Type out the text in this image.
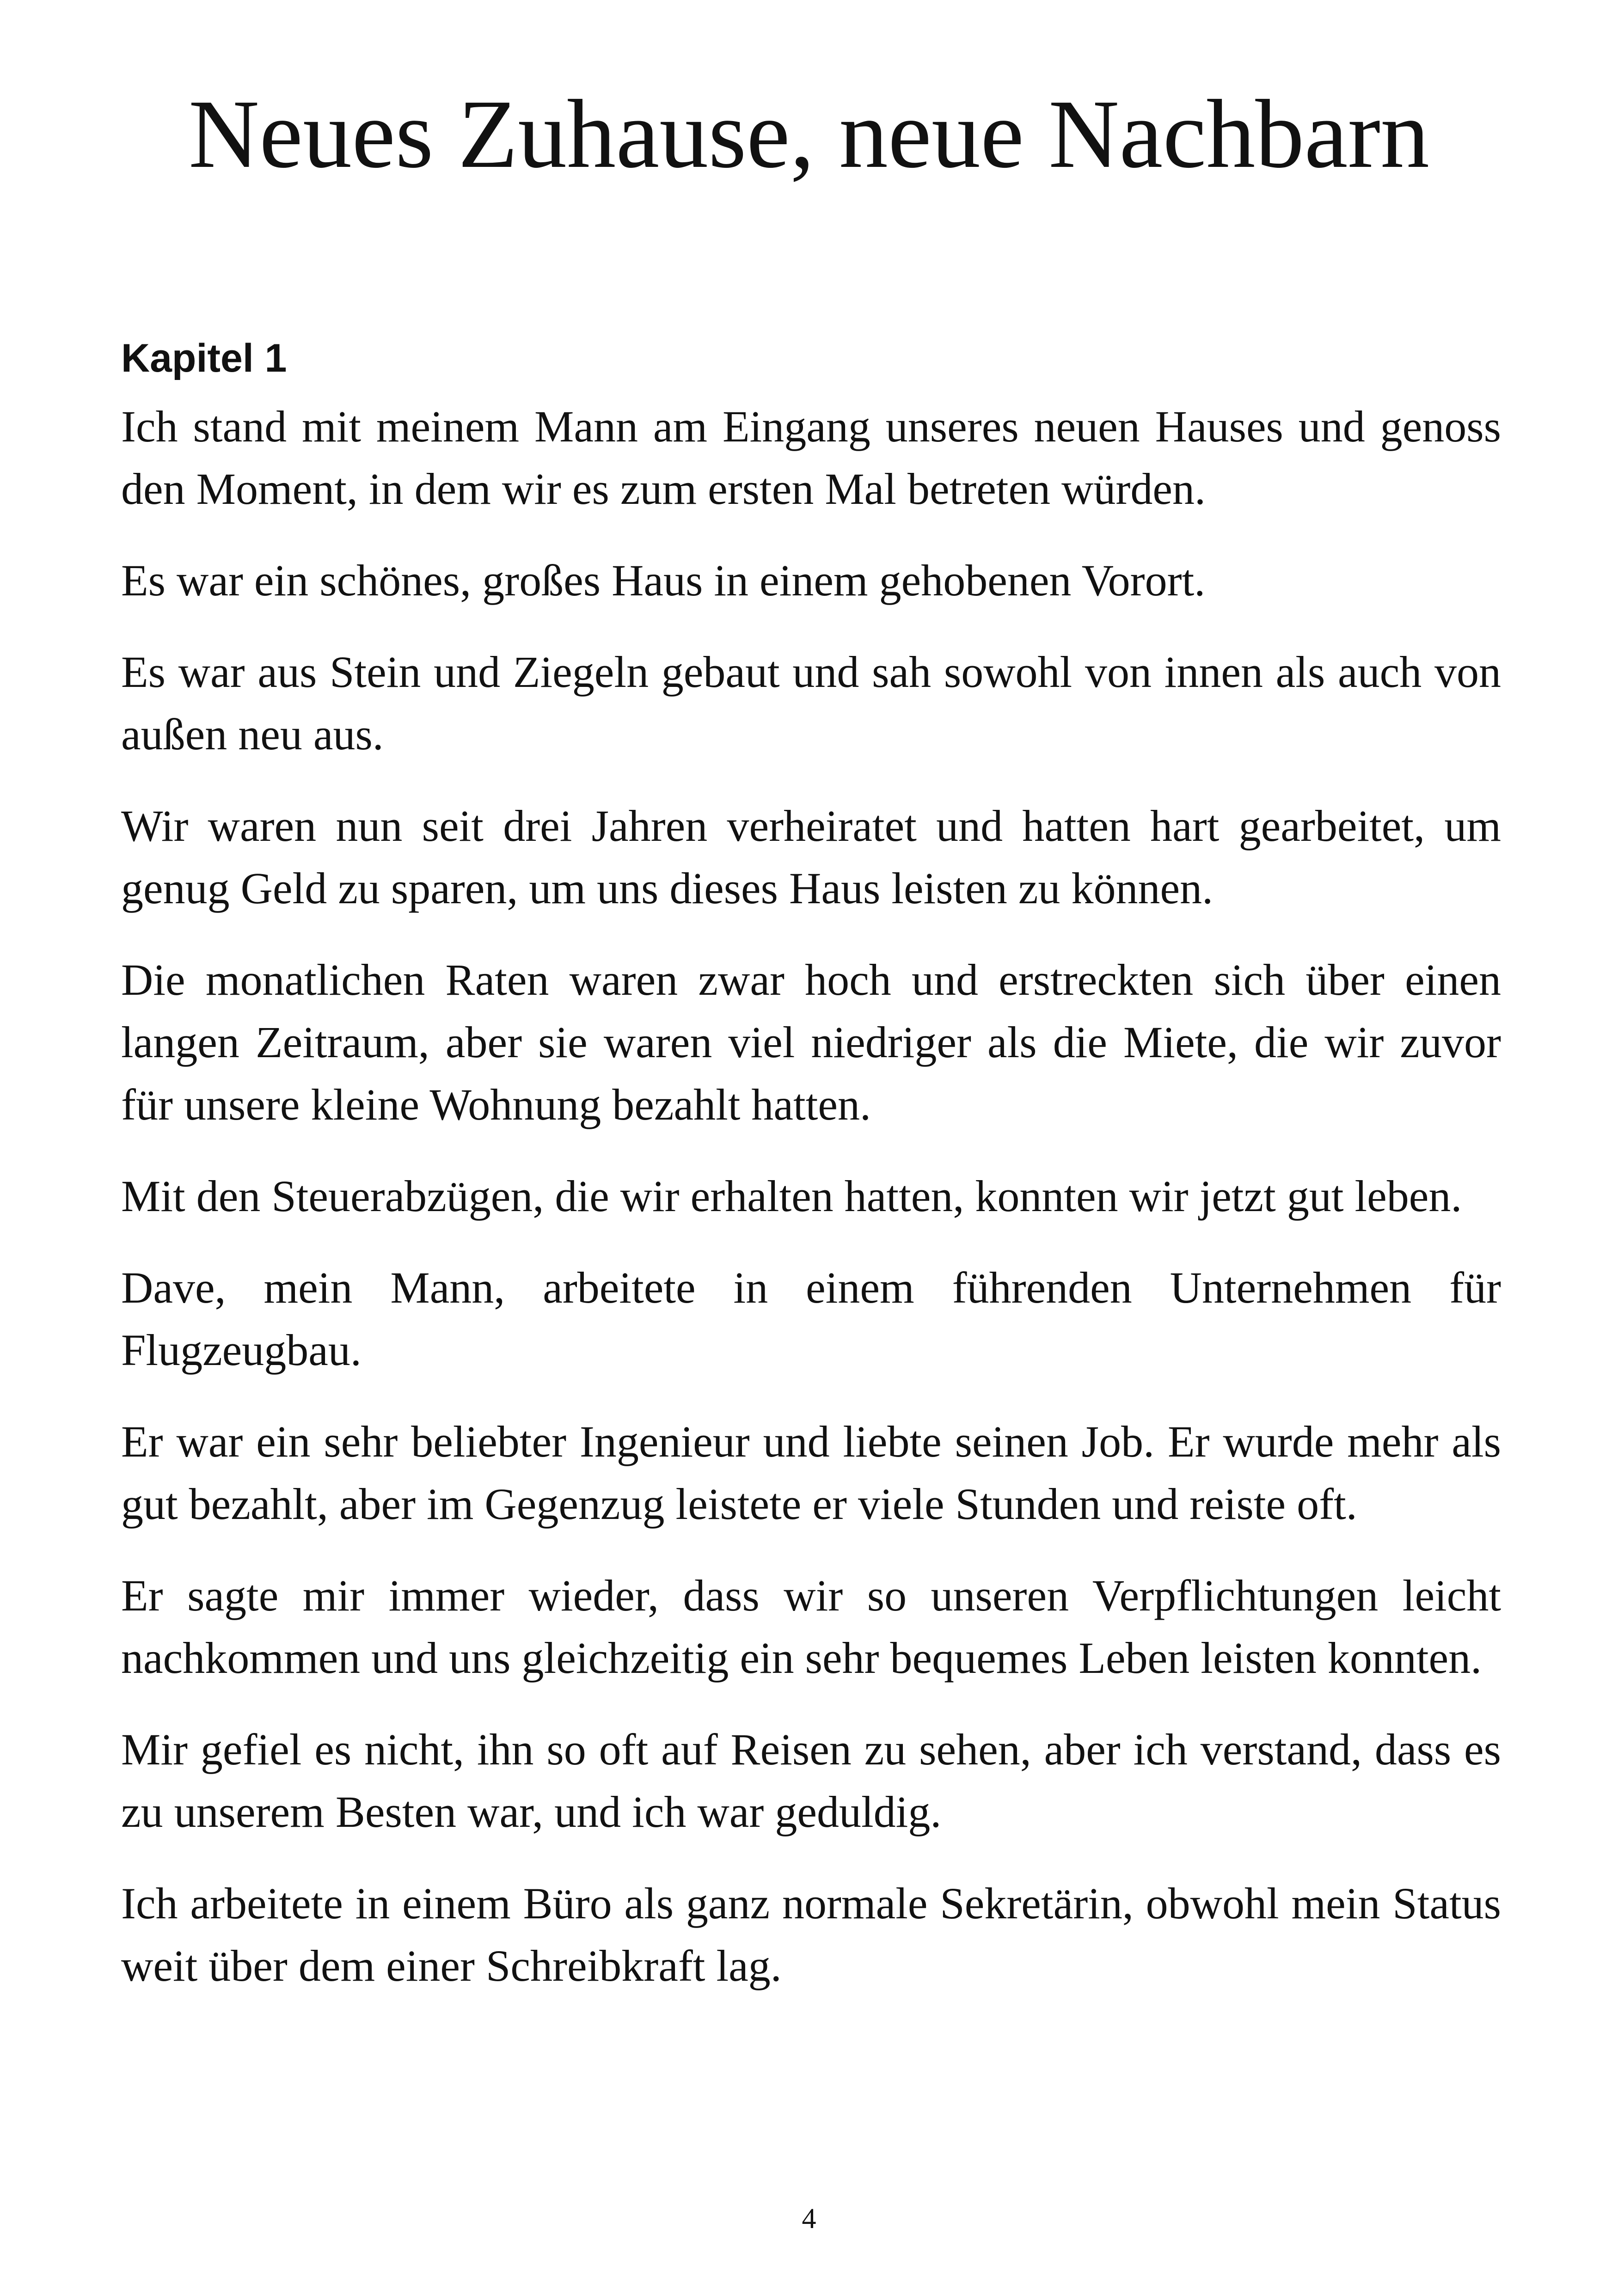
Neues Zuhause, neue Nachbarn
Kapitel 1

Ich stand mit meinem Mann am Eingang unseres neuen Hauses und genoss den Moment, in dem wir es zum ersten Mal betreten würden.

Es war ein schönes, großes Haus in einem gehobenen Vorort.

Es war aus Stein und Ziegeln gebaut und sah sowohl von innen als auch von außen neu aus.

Wir waren nun seit drei Jahren verheiratet und hatten hart gearbeitet, um genug Geld zu sparen, um uns dieses Haus leisten zu können.

Die monatlichen Raten waren zwar hoch und erstreckten sich über einen langen Zeitraum, aber sie waren viel niedriger als die Miete, die wir zuvor für unsere kleine Wohnung bezahlt hatten.

Mit den Steuerabzügen, die wir erhalten hatten, konnten wir jetzt gut leben.

Dave, mein Mann, arbeitete in einem führenden Unternehmen für Flugzeugbau.

Er war ein sehr beliebter Ingenieur und liebte seinen Job. Er wurde mehr als gut bezahlt, aber im Gegenzug leistete er viele Stunden und reiste oft.

Er sagte mir immer wieder, dass wir so unseren Verpflichtungen leicht nachkommen und uns gleichzeitig ein sehr bequemes Leben leisten konnten.

Mir gefiel es nicht, ihn so oft auf Reisen zu sehen, aber ich verstand, dass es zu unserem Besten war, und ich war geduldig.

Ich arbeitete in einem Büro als ganz normale Sekretärin, obwohl mein Status weit über dem einer Schreibkraft lag.

4
